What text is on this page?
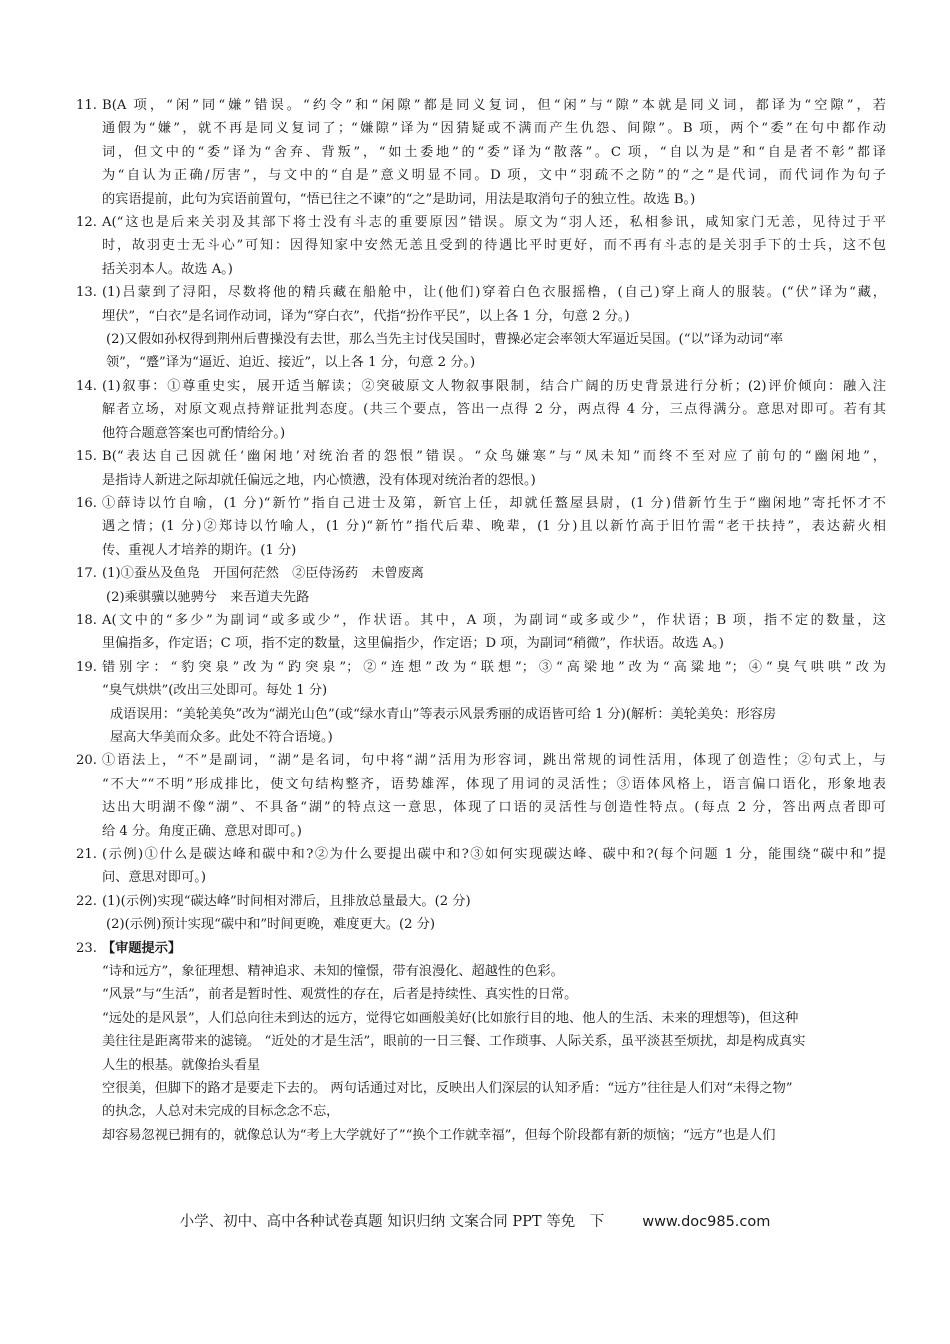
11. B(A 项，“闲”同“嫌”错误。“约令”和“闲隙”都是同义复词，但“闲”与“隙”本就是同义词，都译为“空隙”，若
通假为“嫌”，就不再是同义复词了；“嫌隙”译为“因猜疑或不满而产生仇怨、间隙”。B 项，两个“委”在句中都作动
词，但文中的“委”译为“舍弃、背叛”，“如土委地”的“委”译为“散落”。C 项，“自以为是”和“自是者不彰”都译
为“自认为正确/厉害”，与文中的“自是”意义明显不同。D 项，文中“羽疏不之防”的“之”是代词，而代词作为句子
的宾语提前，此句为宾语前置句，“悟已往之不谏”的“之”是助词，用法是取消句子的独立性。故选 B。)
12. A(“这也是后来关羽及其部下将士没有斗志的重要原因”错误。原文为“羽人还，私相参讯，咸知家门无恙，见待过于平
时，故羽吏士无斗心”可知：因得知家中安然无恙且受到的待遇比平时更好，而不再有斗志的是关羽手下的士兵，这不包
括关羽本人。故选 A。)
13. (1)吕蒙到了浔阳，尽数将他的精兵藏在船舱中，让(他们)穿着白色衣服摇橹，(自己)穿上商人的服装。(“伏”译为“藏，
埋伏”，“白衣”是名词作动词，译为“穿白衣”，代指“扮作平民”，以上各 1 分，句意 2 分。)
(2)又假如孙权得到荆州后曹操没有去世，那么当先主讨伐吴国时，曹操必定会率领大军逼近吴国。(“以”译为动词“率
领”，“蹙”译为“逼近、迫近、接近”，以上各 1 分，句意 2 分。)
14. (1)叙事：①尊重史实，展开适当解读；②突破原文人物叙事限制，结合广阔的历史背景进行分析；(2)评价倾向：融入注
解者立场，对原文观点持辩证批判态度。(共三个要点，答出一点得 2 分，两点得 4 分，三点得满分。意思对即可。若有其
他符合题意答案也可酌情给分。)
15. B(“表达自己因就任‘幽闲地’对统治者的怨恨”错误。“众鸟嫌寒”与“凤未知”而终不至对应了前句的“幽闲地”，
是指诗人新进之际却就任偏远之地，内心愤懑，没有体现对统治者的怨恨。)
16. ①薛诗以竹自喻，(1 分)“新竹”指自己进士及第，新官上任，却就任盩屋县尉，(1 分)借新竹生于“幽闲地”寄托怀才不
遇之情；(1 分)②郑诗以竹喻人，(1 分)“新竹”指代后辈、晚辈，(1 分)且以新竹高于旧竹需“老干扶持”，表达薪火相
传、重视人才培养的期许。(1 分)
17. (1)①蚕丛及鱼凫　开国何茫然　②臣侍汤药　未曾废离
(2)乘骐骥以驰骋兮　来吾道夫先路
18. A(文中的“多少”为副词“或多或少”，作状语。其中，A 项，为副词“或多或少”，作状语；B 项，指不定的数量，这
里偏指多，作定语；C 项，指不定的数量，这里偏指少，作定语；D 项，为副词“稍微”，作状语。故选 A。)
19. 错别字：“豹突泉”改为“趵突泉”；②“连想”改为“联想”；③“高梁地”改为“高粱地”；④“臭气哄哄”改为
“臭气烘烘”(改出三处即可。每处 1 分)
成语误用：“美轮美奂”改为“湖光山色”(或“绿水青山”等表示风景秀丽的成语皆可给 1 分)(解析：美轮美奂：形容房
屋高大华美而众多。此处不符合语境。)
20. ①语法上，“不”是副词，“湖”是名词，句中将“湖”活用为形容词，跳出常规的词性活用，体现了创造性；②句式上，与
“不大”“不明”形成排比，使文句结构整齐，语势雄浑，体现了用词的灵活性；③语体风格上，语言偏口语化，形象地表
达出大明湖不像“湖”、不具备“湖”的特点这一意思，体现了口语的灵活性与创造性特点。(每点 2 分，答出两点者即可
给 4 分。角度正确、意思对即可。)
21. (示例)①什么是碳达峰和碳中和?②为什么要提出碳中和?③如何实现碳达峰、碳中和?(每个问题 1 分，能围绕“碳中和”提
问、意思对即可。)
22. (1)(示例)实现“碳达峰”时间相对滞后，且排放总量最大。(2 分)
(2)(示例)预计实现“碳中和”时间更晚，难度更大。(2 分)
23. 【审题提示】
“诗和远方”，象征理想、精神追求、未知的憧憬，带有浪漫化、超越性的色彩。
“风景”与“生活”，前者是暂时性、观赏性的存在，后者是持续性、真实性的日常。
“远处的是风景”，人们总向往未到达的远方，觉得它如画般美好(比如旅行目的地、他人的生活、未来的理想等)，但这种
美往往是距离带来的滤镜。 “近处的才是生活”，眼前的一日三餐、工作琐事、人际关系，虽平淡甚至烦扰，却是构成真实
人生的根基。就像抬头看星
空很美，但脚下的路才是要走下去的。 两句话通过对比，反映出人们深层的认知矛盾：“远方”往往是人们对“未得之物”
的执念，人总对未完成的目标念念不忘，
却容易忽视已拥有的，就像总认为“考上大学就好了”“换个工作就幸福”，但每个阶段都有新的烦恼；“远方”也是人们
小学、初中、高中各种试卷真题 知识归纳 文案合同 PPT 等免　下	www.doc985.com
